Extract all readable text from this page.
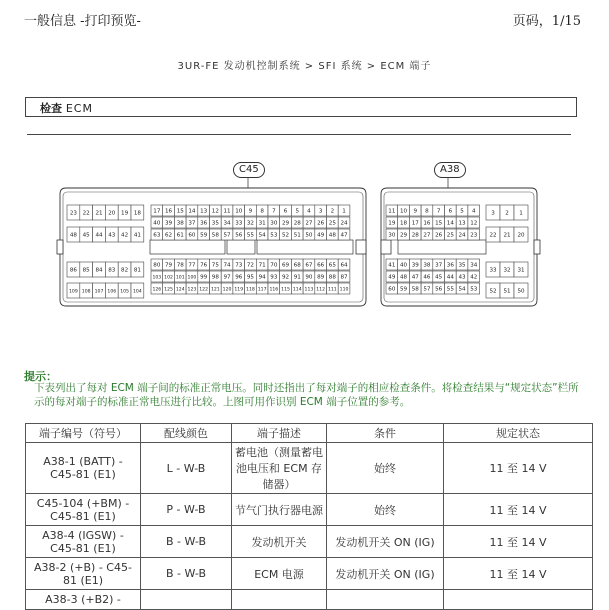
一般信息 -打印预览-	页码，1/15
3UR-FE 发动机控制系统 > SFI 系统 > ECM 端子
检查 ECM
C45	A38
23 22 21 20 19 18
48 45 44 43 42 41
86 85 84 83 82 81
109 108 107 106 105 104
17 16 15 14 13 12 11 10 9 8 7 6 5 4 3 2 1
40 39 38 37 36 35 34 33 32 31 30 29 28 27 26 25 24
63 62 61 60 59 58 57 56 55 54 53 52 51 50 49 48 47
80 79 78 77 76 75 74 73 72 71 70 69 68 67 66 65 64
103 102 101 100 99 98 97 96 95 94 93 92 91 90 89 88 87
126 125 124 123 122 121 120 119 118 117 116 115 114 113 112 111 110
11 10 9 8 7 6 5 4
19 18 17 16 15 14 13 12
30 29 28 27 26 25 24 23
41 40 39 38 37 36 35 34
49 48 47 46 45 44 43 42
60 59 58 57 56 55 54 53
3 2 1
22 21 20
33 32 31
52 51 50
提示：
下表列出了每对 ECM 端子间的标准正常电压。同时还指出了每对端子的相应检查条件。将检查结果与“规定状态”栏所示的每对端子的标准正常电压进行比较。上图可用作识别 ECM 端子位置的参考。
端子编号（符号）	配线颜色	端子描述	条件	规定状态
A38-1 (BATT) - C45-81 (E1)	L - W-B	蓄电池（测量蓄电池电压和 ECM 存储器）	始终	11 至 14 V
C45-104 (+BM) - C45-81 (E1)	P - W-B	节气门执行器电源	始终	11 至 14 V
A38-4 (IGSW) - C45-81 (E1)	B - W-B	发动机开关	发动机开关 ON (IG)	11 至 14 V
A38-2 (+B) - C45-81 (E1)	B - W-B	ECM 电源	发动机开关 ON (IG)	11 至 14 V
A38-3 (+B2) -				
